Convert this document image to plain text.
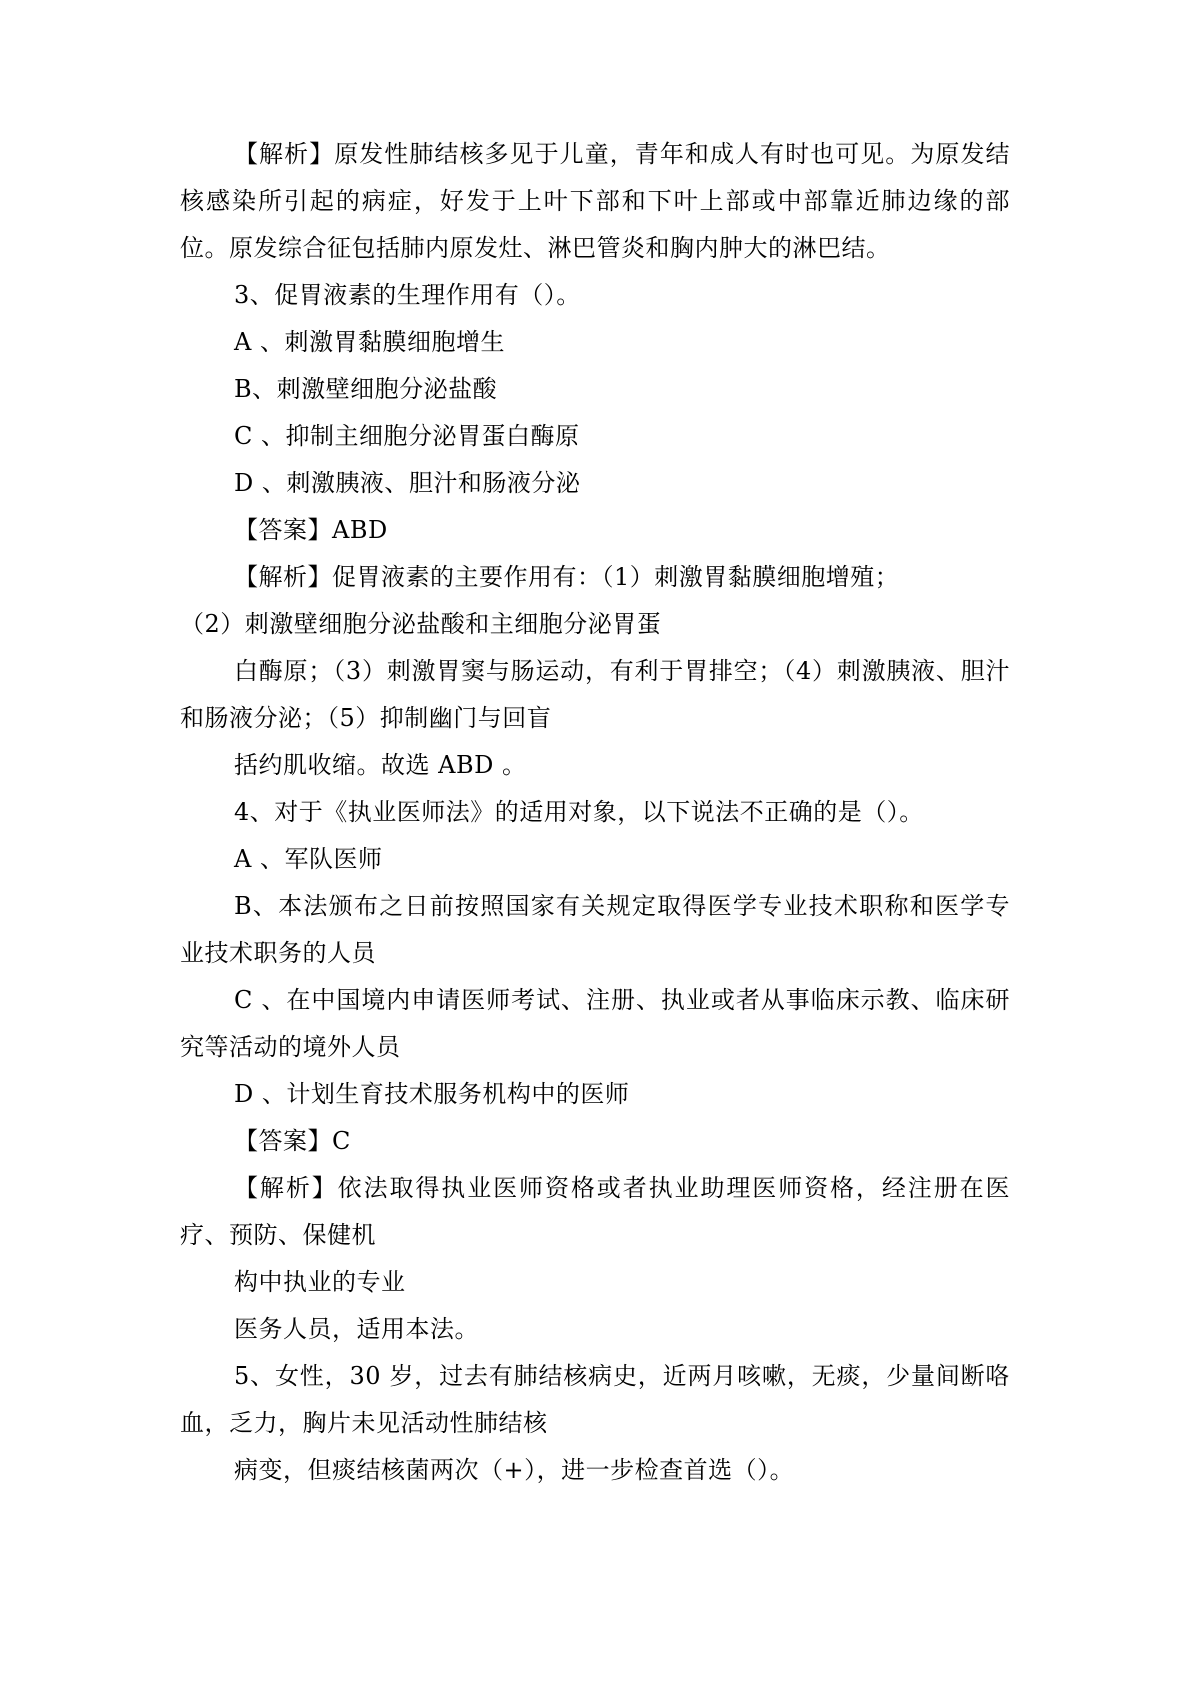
【解析】原发性肺结核多见于儿童，青年和成人有时也可见。为原发结核感染所引起的病症，好发于上叶下部和下叶上部或中部靠近肺边缘的部位。原发综合征包括肺内原发灶、淋巴管炎和胸内肿大的淋巴结。

3、促胃液素的生理作用有（）。

A 、刺激胃黏膜细胞增生

B、刺激壁细胞分泌盐酸

C 、抑制主细胞分泌胃蛋白酶原

D 、刺激胰液、胆汁和肠液分泌

【答案】ABD

【解析】促胃液素的主要作用有：（1）刺激胃黏膜细胞增殖；

（2）刺激壁细胞分泌盐酸和主细胞分泌胃蛋

白酶原；（3）刺激胃窦与肠运动，有利于胃排空；（4）刺激胰液、胆汁和肠液分泌；（5）抑制幽门与回盲

括约肌收缩。故选 ABD 。

4、对于《执业医师法》的适用对象，以下说法不正确的是（）。

A 、军队医师

B、本法颁布之日前按照国家有关规定取得医学专业技术职称和医学专业技术职务的人员

C 、在中国境内申请医师考试、注册、执业或者从事临床示教、临床研究等活动的境外人员

D 、计划生育技术服务机构中的医师

【答案】C

【解析】依法取得执业医师资格或者执业助理医师资格，经注册在医疗、预防、保健机

构中执业的专业

医务人员，适用本法。

5、女性，30 岁，过去有肺结核病史，近两月咳嗽，无痰，少量间断咯血，乏力，胸片未见活动性肺结核

病变，但痰结核菌两次（+），进一步检查首选（）。
